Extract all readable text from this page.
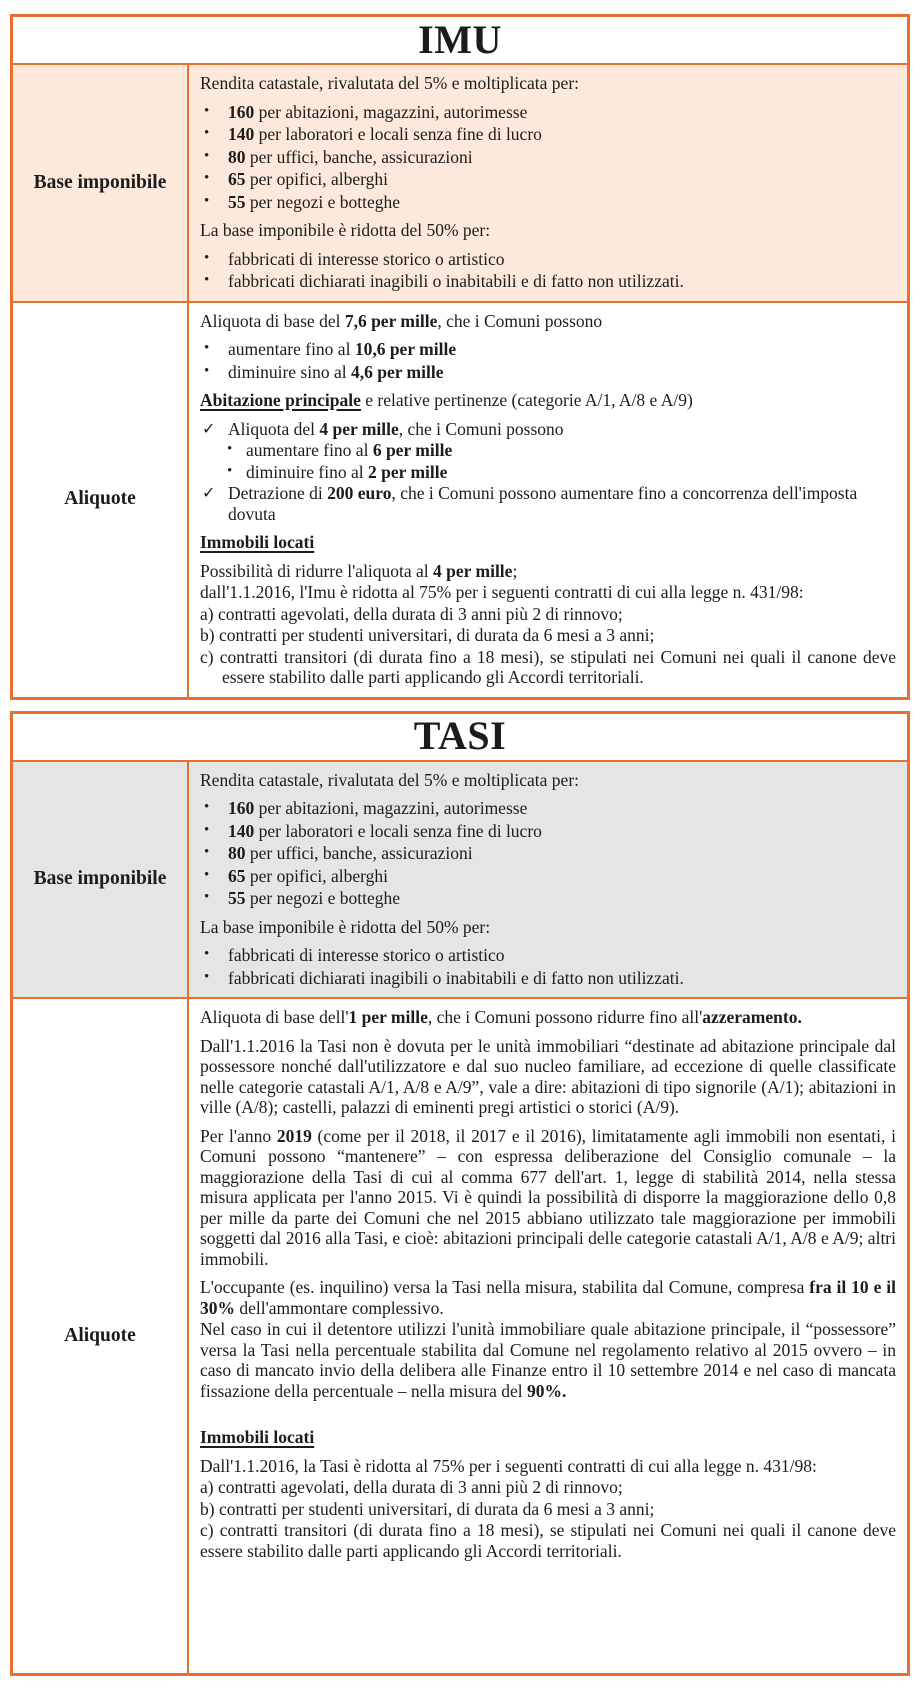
IMU
Base imponibile
Rendita catastale, rivalutata del 5% e moltiplicata per:
• 160 per abitazioni, magazzini, autorimesse
• 140 per laboratori e locali senza fine di lucro
• 80 per uffici, banche, assicurazioni
• 65 per opifici, alberghi
• 55 per negozi e botteghe
La base imponibile è ridotta del 50% per:
• fabbricati di interesse storico o artistico
• fabbricati dichiarati inagibili o inabitabili e di fatto non utilizzati.
Aliquote
Aliquota di base del 7,6 per mille, che i Comuni possono
• aumentare fino al 10,6 per mille
• diminuire sino al 4,6 per mille
Abitazione principale e relative pertinenze (categorie A/1, A/8 e A/9)
✓ Aliquota del 4 per mille, che i Comuni possono
• aumentare fino al 6 per mille
• diminuire fino al 2 per mille
✓ Detrazione di 200 euro, che i Comuni possono aumentare fino a concorrenza dell'imposta dovuta
Immobili locati
Possibilità di ridurre l'aliquota al 4 per mille;
dall'1.1.2016, l'Imu è ridotta al 75% per i seguenti contratti di cui alla legge n. 431/98:
a) contratti agevolati, della durata di 3 anni più 2 di rinnovo;
b) contratti per studenti universitari, di durata da 6 mesi a 3 anni;
c) contratti transitori (di durata fino a 18 mesi), se stipulati nei Comuni nei quali il canone deve essere stabilito dalle parti applicando gli Accordi territoriali.
TASI
Base imponibile
Rendita catastale, rivalutata del 5% e moltiplicata per:
• 160 per abitazioni, magazzini, autorimesse
• 140 per laboratori e locali senza fine di lucro
• 80 per uffici, banche, assicurazioni
• 65 per opifici, alberghi
• 55 per negozi e botteghe
La base imponibile è ridotta del 50% per:
• fabbricati di interesse storico o artistico
• fabbricati dichiarati inagibili o inabitabili e di fatto non utilizzati.
Aliquote
Aliquota di base dell'1 per mille, che i Comuni possono ridurre fino all'azzeramento.
Dall'1.1.2016 la Tasi non è dovuta per le unità immobiliari “destinate ad abitazione principale dal possessore nonché dall'utilizzatore e dal suo nucleo familiare, ad eccezione di quelle classificate nelle categorie catastali A/1, A/8 e A/9”, vale a dire: abitazioni di tipo signorile (A/1); abitazioni in ville (A/8); castelli, palazzi di eminenti pregi artistici o storici (A/9).
Per l'anno 2019 (come per il 2018, il 2017 e il 2016), limitatamente agli immobili non esentati, i Comuni possono “mantenere” – con espressa deliberazione del Consiglio comunale – la maggiorazione della Tasi di cui al comma 677 dell'art. 1, legge di stabilità 2014, nella stessa misura applicata per l'anno 2015. Vi è quindi la possibilità di disporre la maggiorazione dello 0,8 per mille da parte dei Comuni che nel 2015 abbiano utilizzato tale maggiorazione per immobili soggetti dal 2016 alla Tasi, e cioè: abitazioni principali delle categorie catastali A/1, A/8 e A/9; altri immobili.
L'occupante (es. inquilino) versa la Tasi nella misura, stabilita dal Comune, compresa fra il 10 e il 30% dell'ammontare complessivo.
Nel caso in cui il detentore utilizzi l'unità immobiliare quale abitazione principale, il “possessore” versa la Tasi nella percentuale stabilita dal Comune nel regolamento relativo al 2015 ovvero – in caso di mancato invio della delibera alle Finanze entro il 10 settembre 2014 e nel caso di mancata fissazione della percentuale – nella misura del 90%.
Immobili locati
Dall'1.1.2016, la Tasi è ridotta al 75% per i seguenti contratti di cui alla legge n. 431/98:
a) contratti agevolati, della durata di 3 anni più 2 di rinnovo;
b) contratti per studenti universitari, di durata da 6 mesi a 3 anni;
c) contratti transitori (di durata fino a 18 mesi), se stipulati nei Comuni nei quali il canone deve essere stabilito dalle parti applicando gli Accordi territoriali.
